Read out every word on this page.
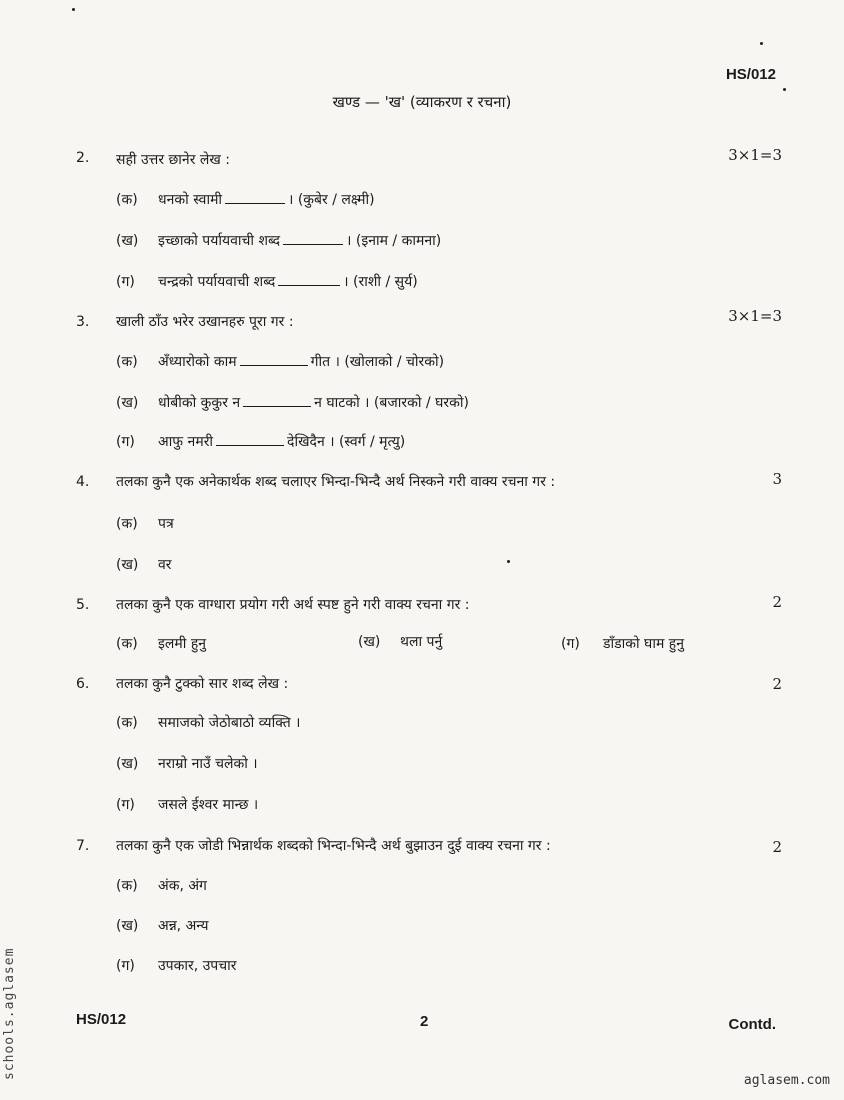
HS/012
खण्ड — 'ख' (व्याकरण र रचना)
2. सही उत्तर छानेर लेख :	3×1=3
(क) धनको स्वामी	। (कुबेर / लक्ष्मी)
(ख) इच्छाको पर्यायवाची शब्द	। (इनाम / कामना)
(ग) चन्द्रको पर्यायवाची शब्द	। (राशी / सुर्य)
3. खाली ठाँउ भरेर उखानहरु पूरा गर :	3×1=3
(क) अँध्यारोको काम	गीत । (खोलाको / चोरको)
(ख) धोबीको कुकुर न	न घाटको । (बजारको / घरको)
(ग) आफु नमरी	देखिदैन । (स्वर्ग / मृत्यु)
4. तलका कुनै एक अनेकार्थक शब्द चलाएर भिन्दा-भिन्दै अर्थ निस्कने गरी वाक्य रचना गर :	3
(क) पत्र
(ख) वर
5. तलका कुनै एक वाग्धारा प्रयोग गरी अर्थ स्पष्ट हुने गरी वाक्य रचना गर :	2
(क) इलमी हुनु	(ख) थला पर्नु	(ग) डाँडाको घाम हुनु
6. तलका कुनै टुक्को सार शब्द लेख :	2
(क) समाजको जेठोबाठो व्यक्ति ।
(ख) नराम्रो नाउँ चलेको ।
(ग) जसले ईश्वर मान्छ ।
7. तलका कुनै एक जोडी भिन्नार्थक शब्दको भिन्दा-भिन्दै अर्थ बुझाउन दुई वाक्य रचना गर :	2
(क) अंक, अंग
(ख) अन्न, अन्य
(ग) उपकार, उपचार
HS/012	2	Contd.
schools.aglasem
aglasem.com
